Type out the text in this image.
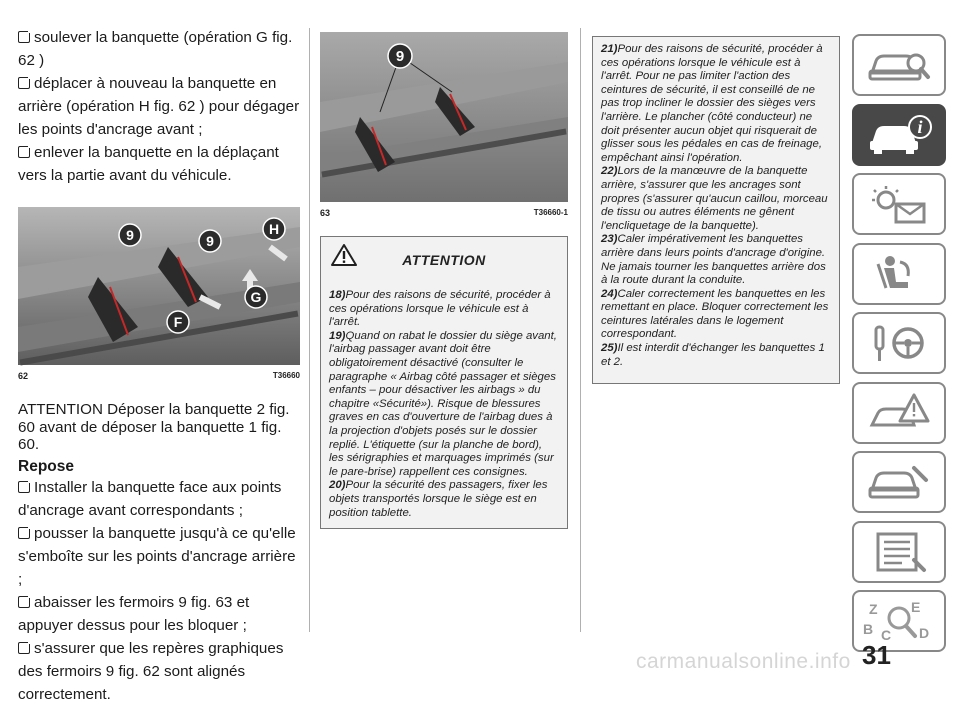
soulever la banquette (opération G fig. 62 )

déplacer à nouveau la banquette en arrière (opération H fig. 62 ) pour dégager les points d'ancrage avant ;

enlever la banquette en la déplaçant vers la partie avant du véhicule.

9	9
H
G
F
62	T36660

ATTENTION Déposer la banquette 2 fig. 60 avant de déposer la banquette 1 fig. 60.

Repose

Installer la banquette face aux points d'ancrage avant correspondants ;

pousser la banquette jusqu'à ce qu'elle s'emboîte sur les points d'ancrage arrière ;

abaisser les fermoirs 9 fig. 63 et appuyer dessus pour les bloquer ;

s'assurer que les repères graphiques des fermoirs 9 fig. 62 sont alignés correctement.

9
63	T36660-1
ATTENTION

18)Pour des raisons de sécurité, procéder à ces opérations lorsque le véhicule est à l'arrêt.

19)Quand on rabat le dossier du siège avant, l'airbag passager avant doit être obligatoirement désactivé (consulter le paragraphe « Airbag côté passager et sièges enfants – pour désactiver les airbags » du chapitre «Sécurité»). Risque de blessures graves en cas d'ouverture de l'airbag dues à la projection d'objets posés sur le dossier replié. L'étiquette (sur la planche de bord), les sérigraphies et marquages imprimés (sur le pare-brise) rappellent ces consignes.

20)Pour la sécurité des passagers, fixer les objets transportés lorsque le siège est en position tablette.

21)Pour des raisons de sécurité, procéder à ces opérations lorsque le véhicule est à l'arrêt. Pour ne pas limiter l'action des ceintures de sécurité, il est conseillé de ne pas trop incliner le dossier des sièges vers l'arrière. Le plancher (côté conducteur) ne doit présenter aucun objet qui risquerait de glisser sous les pédales en cas de freinage, empêchant ainsi l'opération.

22)Lors de la manœuvre de la banquette arrière, s'assurer que les ancrages sont propres (s'assurer qu'aucun caillou, morceau de tissu ou autres éléments ne gênent l'encliquetage de la banquette).

23)Caler impérativement les banquettes arrière dans leurs points d'ancrage d'origine. Ne jamais tourner les banquettes arrière dos à la route durant la conduite.

24)Caler correctement les banquettes en les remettant en place. Bloquer correctement les ceintures latérales dans le logement correspondant.

25)Il est interdit d'échanger les banquettes 1 et 2.

i
Z E
B C D
31
carmanualsonline.info
